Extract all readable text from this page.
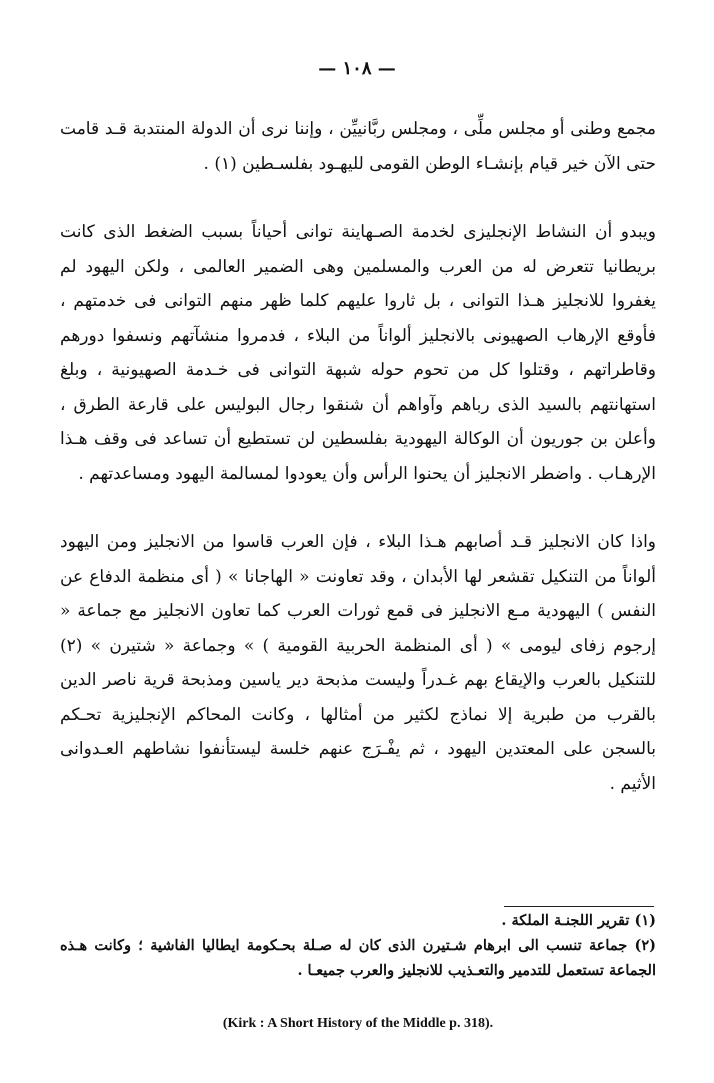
— ١٠٨ —

مجمع وطنى أو مجلس ملِّى ، ومجلس ربَّانييِّن ، وإننا نرى أن الدولة المنتدبة قـد قامت حتى الآن خير قيام بإنشـاء الوطن القومى لليهـود بفلسـطين (١) .

ويبدو أن النشاط الإنجليزى لخدمة الصـهاينة توانى أحياناً بسبب الضغط الذى كانت بريطانيا تتعرض له من العرب والمسلمين وهى الضمير العالمى ، ولكن اليهود لم يغفروا للانجليز هـذا التوانى ، بل ثاروا عليهم كلما ظهر منهم التوانى فى خدمتهم ، فأوقع الإرهاب الصهيونى بالانجليز ألواناً من البلاء ، فدمروا منشآتهم ونسفوا دورهم وقاطراتهم ، وقتلوا كل من تحوم حوله شبهة التوانى فى خـدمة الصهيونية ، وبلغ استهانتهم بالسيد الذى رباهم وآواهم أن شنقوا رجال البوليس على قارعة الطرق ، وأعلن بن جوريون أن الوكالة اليهودية بفلسطين لن تستطيع أن تساعد فى وقف هـذا الإرهـاب . واضطر الانجليز أن يحنوا الرأس وأن يعودوا لمسالمة اليهود ومساعدتهم .

واذا كان الانجليز قـد أصابهم هـذا البلاء ، فإن العرب قاسوا من الانجليز ومن اليهود ألواناً من التنكيل تقشعر لها الأبدان ، وقد تعاونت « الهاجانا » ( أى منظمة الدفاع عن النفس ) اليهودية مـع الانجليز فى قمع ثورات العرب كما تعاون الانجليز مع جماعة « إرجوم زفاى ليومى » ( أى المنظمة الحربية القومية ) » وجماعة « شتيرن » (٢) للتنكيل بالعرب والإيقاع بهم غـدراً وليست مذبحة دير ياسين ومذبحة قرية ناصر الدين بالقرب من طبرية إلا نماذج لكثير من أمثالها ، وكانت المحاكم الإنجليزية تحـكم بالسجن على المعتدين اليهود ، ثم يفْـرَج عنهم خلسة ليستأنفوا نشاطهم العـدوانى الأثيم .

(١) تقرير اللجنـة الملكة .

(٢) جماعة تنسب الى ابرهام شـتيرن الذى كان له صـلة بحـكومة ايطاليا الفاشية ؛ وكانت هـذه الجماعة تستعمل للتدمير والتعـذيب للانجليز والعرب جميعـا .

(Kirk : A Short History of the Middle p. 318).
